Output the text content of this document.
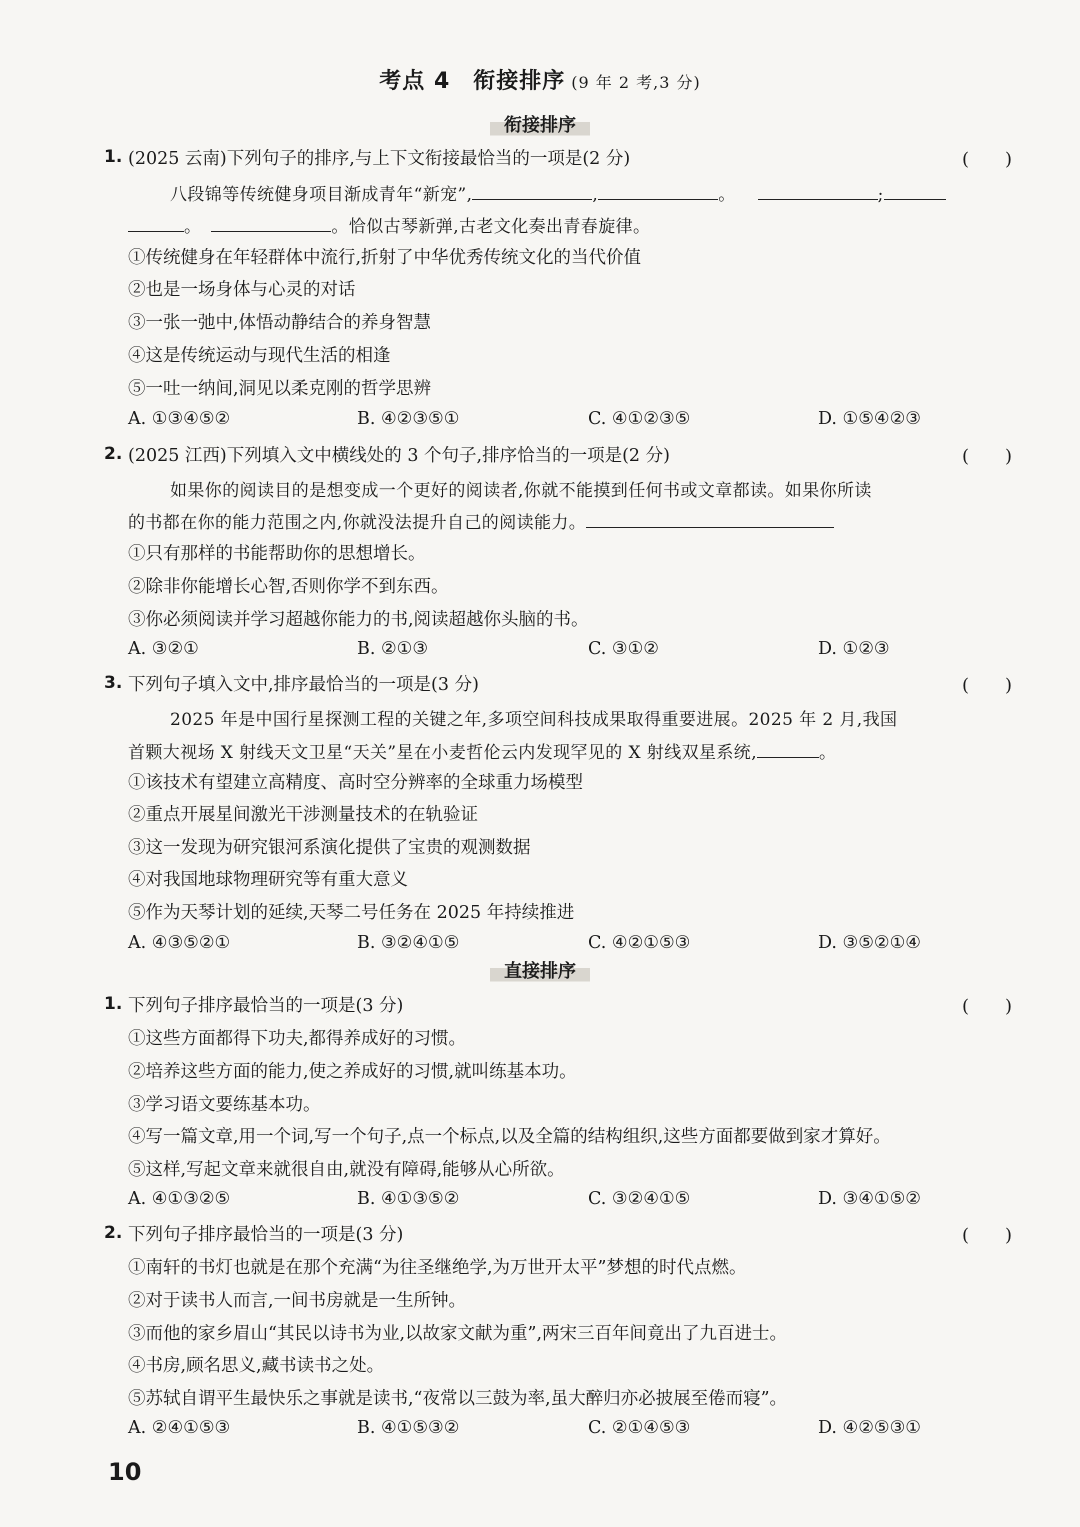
考点 4　衔接排序 (9 年 2 考,3 分)
衔接排序
1. (2025 云南)下列句子的排序,与上下文衔接最恰当的一项是(2 分)	(　　)
八段锦等传统健身项目渐成青年“新宠”,	,	。	;
。	。恰似古琴新弹,古老文化奏出青春旋律。
①传统健身在年轻群体中流行,折射了中华优秀传统文化的当代价值
②也是一场身体与心灵的对话
③一张一弛中,体悟动静结合的养身智慧
④这是传统运动与现代生活的相逢
⑤一吐一纳间,洞见以柔克刚的哲学思辨
A. ①③④⑤②	B. ④②③⑤①	C. ④①②③⑤	D. ①⑤④②③
2. (2025 江西)下列填入文中横线处的 3 个句子,排序恰当的一项是(2 分)	(　　)
如果你的阅读目的是想变成一个更好的阅读者,你就不能摸到任何书或文章都读。如果你所读
的书都在你的能力范围之内,你就没法提升自己的阅读能力。
①只有那样的书能帮助你的思想增长。
②除非你能增长心智,否则你学不到东西。
③你必须阅读并学习超越你能力的书,阅读超越你头脑的书。
A. ③②①	B. ②①③	C. ③①②	D. ①②③
3. 下列句子填入文中,排序最恰当的一项是(3 分)	(　　)
2025 年是中国行星探测工程的关键之年,多项空间科技成果取得重要进展。2025 年 2 月,我国
首颗大视场 X 射线天文卫星“天关”星在小麦哲伦云内发现罕见的 X 射线双星系统,	。
①该技术有望建立高精度、高时空分辨率的全球重力场模型
②重点开展星间激光干涉测量技术的在轨验证
③这一发现为研究银河系演化提供了宝贵的观测数据
④对我国地球物理研究等有重大意义
⑤作为天琴计划的延续,天琴二号任务在 2025 年持续推进
A. ④③⑤②①	B. ③②④①⑤	C. ④②①⑤③	D. ③⑤②①④
直接排序
1. 下列句子排序最恰当的一项是(3 分)	(　　)
①这些方面都得下功夫,都得养成好的习惯。
②培养这些方面的能力,使之养成好的习惯,就叫练基本功。
③学习语文要练基本功。
④写一篇文章,用一个词,写一个句子,点一个标点,以及全篇的结构组织,这些方面都要做到家才算好。
⑤这样,写起文章来就很自由,就没有障碍,能够从心所欲。
A. ④①③②⑤	B. ④①③⑤②	C. ③②④①⑤	D. ③④①⑤②
2. 下列句子排序最恰当的一项是(3 分)	(　　)
①南轩的书灯也就是在那个充满“为往圣继绝学,为万世开太平”梦想的时代点燃。
②对于读书人而言,一间书房就是一生所钟。
③而他的家乡眉山“其民以诗书为业,以故家文献为重”,两宋三百年间竟出了九百进士。
④书房,顾名思义,藏书读书之处。
⑤苏轼自谓平生最快乐之事就是读书,“夜常以三鼓为率,虽大醉归亦必披展至倦而寝”。
A. ②④①⑤③	B. ④①⑤③②	C. ②①④⑤③	D. ④②⑤③①
10
